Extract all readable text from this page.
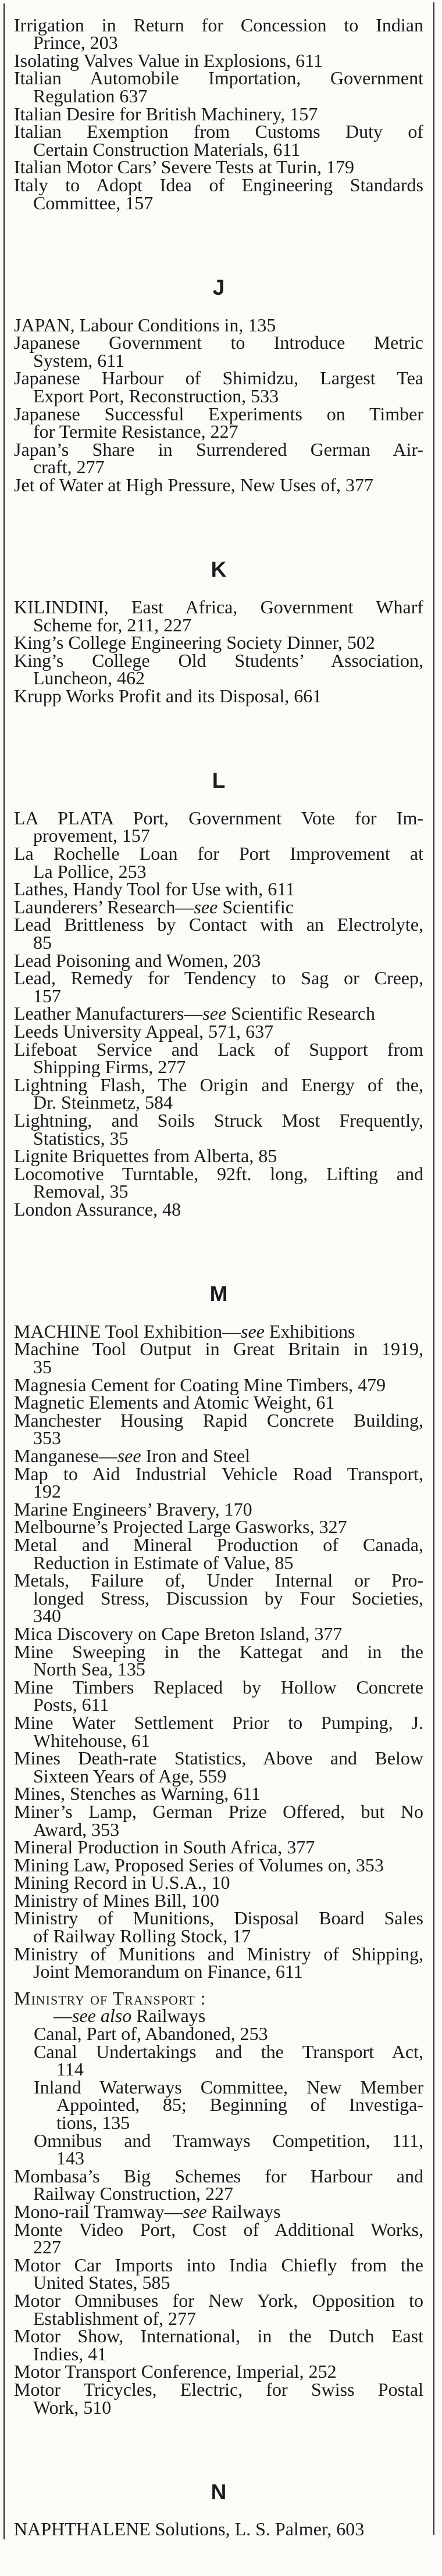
Irrigation in Return for Concession to Indian
Prince, 203
Isolating Valves Value in Explosions, 611
Italian Automobile Importation, Government
Regulation 637
Italian Desire for British Machinery, 157
Italian Exemption from Customs Duty of
Certain Construction Materials, 611
Italian Motor Cars’ Severe Tests at Turin, 179
Italy to Adopt Idea of Engineering Standards
Committee, 157
J
JAPAN, Labour Conditions in, 135
Japanese Government to Introduce Metric
System, 611
Japanese Harbour of Shimidzu, Largest Tea
Export Port, Reconstruction, 533
Japanese Successful Experiments on Timber
for Termite Resistance, 227
Japan’s Share in Surrendered German Air-
craft, 277
Jet of Water at High Pressure, New Uses of, 377
K
KILINDINI, East Africa, Government Wharf
Scheme for, 211, 227
King’s College Engineering Society Dinner, 502
King’s College Old Students’ Association,
Luncheon, 462
Krupp Works Profit and its Disposal, 661
L
LA PLATA Port, Government Vote for Im-
provement, 157
La Rochelle Loan for Port Improvement at
La Pollice, 253
Lathes, Handy Tool for Use with, 611
Launderers’ Research—see Scientific
Lead Brittleness by Contact with an Electrolyte,
85
Lead Poisoning and Women, 203
Lead, Remedy for Tendency to Sag or Creep,
157
Leather Manufacturers—see Scientific Research
Leeds University Appeal, 571, 637
Lifeboat Service and Lack of Support from
Shipping Firms, 277
Lightning Flash, The Origin and Energy of the,
Dr. Steinmetz, 584
Lightning, and Soils Struck Most Frequently,
Statistics, 35
Lignite Briquettes from Alberta, 85
Locomotive Turntable, 92ft. long, Lifting and
Removal, 35
London Assurance, 48
M
MACHINE Tool Exhibition—see Exhibitions
Machine Tool Output in Great Britain in 1919,
35
Magnesia Cement for Coating Mine Timbers, 479
Magnetic Elements and Atomic Weight, 61
Manchester Housing Rapid Concrete Building,
353
Manganese—see Iron and Steel
Map to Aid Industrial Vehicle Road Transport,
192
Marine Engineers’ Bravery, 170
Melbourne’s Projected Large Gasworks, 327
Metal and Mineral Production of Canada,
Reduction in Estimate of Value, 85
Metals, Failure of, Under Internal or Pro-
longed Stress, Discussion by Four Societies,
340
Mica Discovery on Cape Breton Island, 377
Mine Sweeping in the Kattegat and in the
North Sea, 135
Mine Timbers Replaced by Hollow Concrete
Posts, 611
Mine Water Settlement Prior to Pumping, J.
Whitehouse, 61
Mines Death-rate Statistics, Above and Below
Sixteen Years of Age, 559
Mines, Stenches as Warning, 611
Miner’s Lamp, German Prize Offered, but No
Award, 353
Mineral Production in South Africa, 377
Mining Law, Proposed Series of Volumes on, 353
Mining Record in U.S.A., 10
Ministry of Mines Bill, 100
Ministry of Munitions, Disposal Board Sales
of Railway Rolling Stock, 17
Ministry of Munitions and Ministry of Shipping,
Joint Memorandum on Finance, 611
Ministry of Transport :
—see also Railways
Canal, Part of, Abandoned, 253
Canal Undertakings and the Transport Act,
114
Inland Waterways Committee, New Member
Appointed, 85; Beginning of Investiga-
tions, 135
Omnibus and Tramways Competition, 111,
143
Mombasa’s Big Schemes for Harbour and
Railway Construction, 227
Mono-rail Tramway—see Railways
Monte Video Port, Cost of Additional Works,
227
Motor Car Imports into India Chiefly from the
United States, 585
Motor Omnibuses for New York, Opposition to
Establishment of, 277
Motor Show, International, in the Dutch East
Indies, 41
Motor Transport Conference, Imperial, 252
Motor Tricycles, Electric, for Swiss Postal
Work, 510
N
NAPHTHALENE Solutions, L. S. Palmer, 603
